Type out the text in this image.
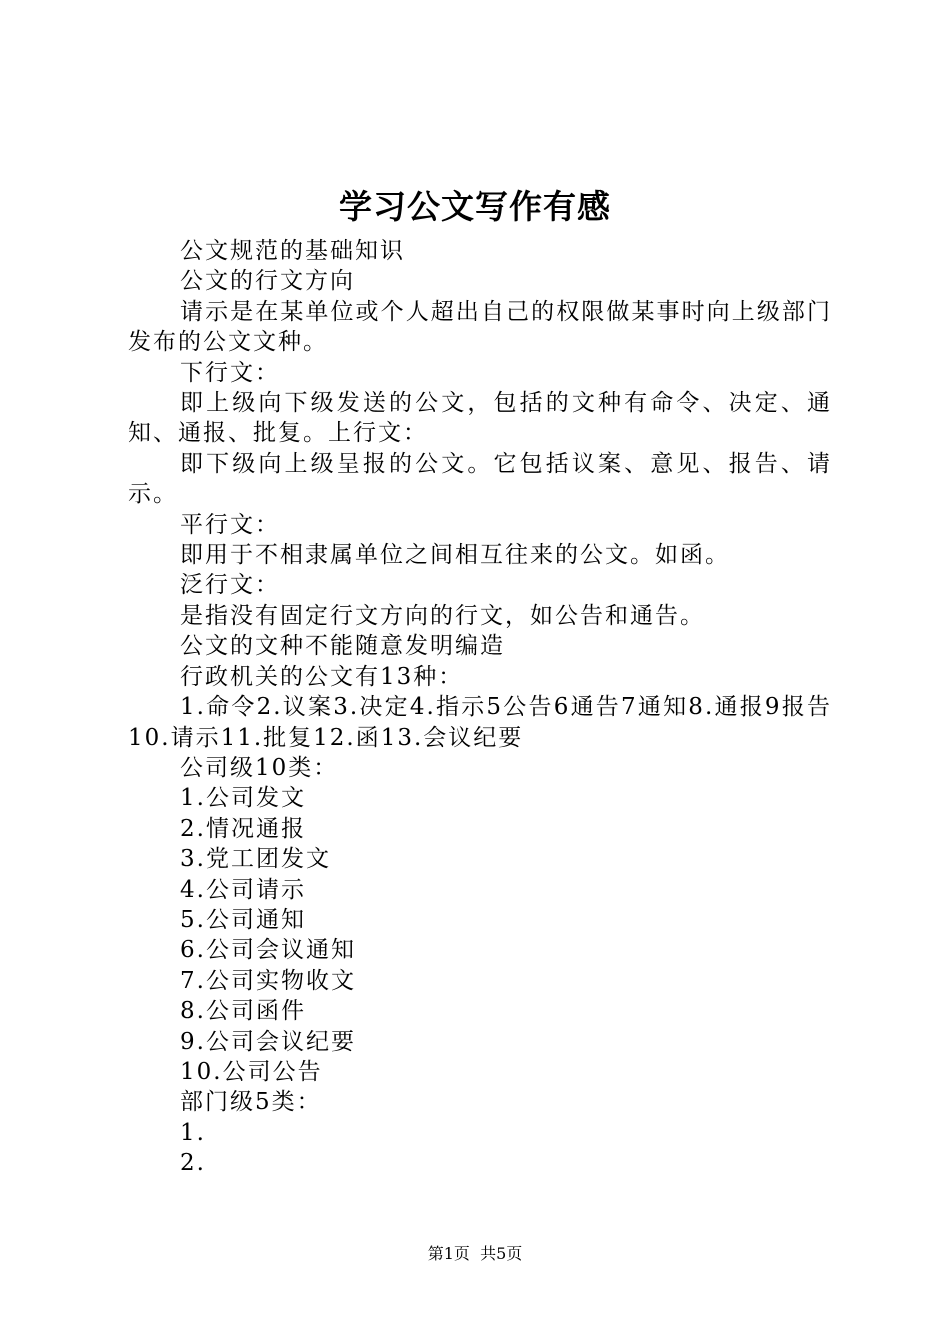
学习公文写作有感

公文规范的基础知识

公文的行文方向

请示是在某单位或个人超出自己的权限做某事时向上级部门发布的公文文种。

下行文：

即上级向下级发送的公文，包括的文种有命令、决定、通知、通报、批复。上行文：

即下级向上级呈报的公文。它包括议案、意见、报告、请示。

平行文：

即用于不相隶属单位之间相互往来的公文。如函。

泛行文：

是指没有固定行文方向的行文，如公告和通告。

公文的文种不能随意发明编造

行政机关的公文有13种：

1.命令2.议案3.决定4.指示5公告6通告7通知8.通报9报告10.请示11.批复12.函13.会议纪要

公司级10类：

1.公司发文

2.情况通报

3.党工团发文

4.公司请示

5.公司通知

6.公司会议通知

7.公司实物收文

8.公司函件

9.公司会议纪要

10.公司公告

部门级5类：

1.

2.

第1页 共5页
